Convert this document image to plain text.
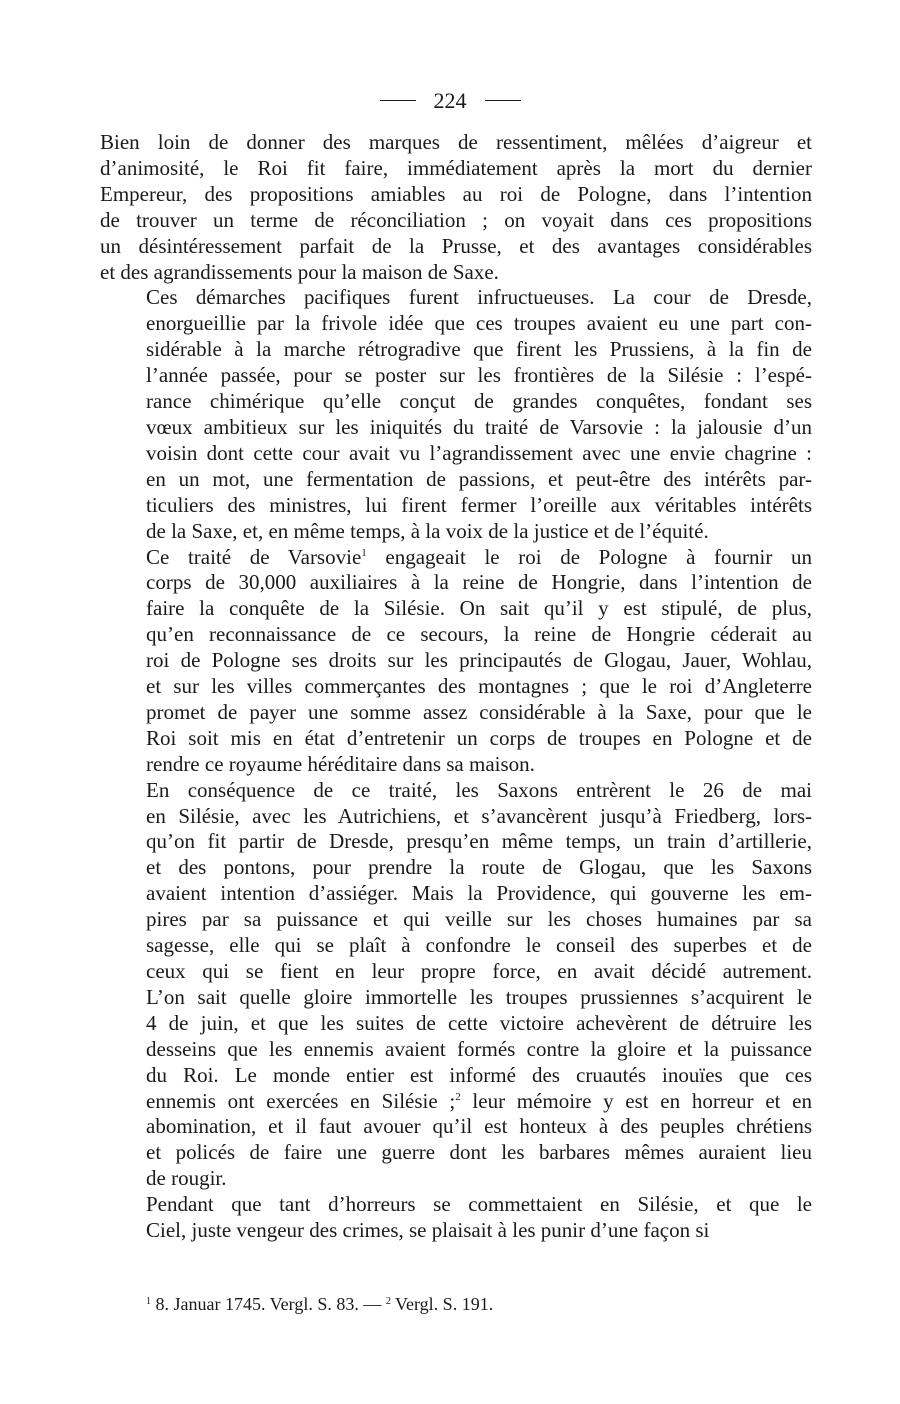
224

Bien loin de donner des marques de ressentiment, mêlées d’aigreur et
d’animosité, le Roi fit faire, immédiatement après la mort du dernier
Empereur, des propositions amiables au roi de Pologne, dans l’intention
de trouver un terme de réconciliation ; on voyait dans ces propositions
un désintéressement parfait de la Prusse, et des avantages considérables
et des agrandissements pour la maison de Saxe.

Ces démarches pacifiques furent infructueuses. La cour de Dresde,
enorgueillie par la frivole idée que ces troupes avaient eu une part con-
sidérable à la marche rétrogradive que firent les Prussiens, à la fin de
l’année passée, pour se poster sur les frontières de la Silésie : l’espé-
rance chimérique qu’elle conçut de grandes conquêtes, fondant ses
vœux ambitieux sur les iniquités du traité de Varsovie : la jalousie d’un
voisin dont cette cour avait vu l’agrandissement avec une envie chagrine :
en un mot, une fermentation de passions, et peut-être des intérêts par-
ticuliers des ministres, lui firent fermer l’oreille aux véritables intérêts
de la Saxe, et, en même temps, à la voix de la justice et de l’équité.

Ce traité de Varsovie$^1$ engageait le roi de Pologne à fournir un
corps de 30,000 auxiliaires à la reine de Hongrie, dans l’intention de
faire la conquête de la Silésie. On sait qu’il y est stipulé, de plus,
qu’en reconnaissance de ce secours, la reine de Hongrie céderait au
roi de Pologne ses droits sur les principautés de Glogau, Jauer, Wohlau,
et sur les villes commerçantes des montagnes ; que le roi d’Angleterre
promet de payer une somme assez considérable à la Saxe, pour que le
Roi soit mis en état d’entretenir un corps de troupes en Pologne et de
rendre ce royaume héréditaire dans sa maison.

En conséquence de ce traité, les Saxons entrèrent le 26 de mai
en Silésie, avec les Autrichiens, et s’avancèrent jusqu’à Friedberg, lors-
qu’on fit partir de Dresde, presqu’en même temps, un train d’artillerie,
et des pontons, pour prendre la route de Glogau, que les Saxons
avaient intention d’assiéger. Mais la Providence, qui gouverne les em-
pires par sa puissance et qui veille sur les choses humaines par sa
sagesse, elle qui se plaît à confondre le conseil des superbes et de
ceux qui se fient en leur propre force, en avait décidé autrement.
L’on sait quelle gloire immortelle les troupes prussiennes s’acquirent le
4 de juin, et que les suites de cette victoire achevèrent de détruire les
desseins que les ennemis avaient formés contre la gloire et la puissance
du Roi. Le monde entier est informé des cruautés inouïes que ces
ennemis ont exercées en Silésie ;$^2$ leur mémoire y est en horreur et en
abomination, et il faut avouer qu’il est honteux à des peuples chrétiens
et policés de faire une guerre dont les barbares mêmes auraient lieu
de rougir.

Pendant que tant d’horreurs se commettaient en Silésie, et que le
Ciel, juste vengeur des crimes, se plaisait à les punir d’une façon si

$^1$ 8. Januar 1745. Vergl. S. 83. — $^2$ Vergl. S. 191.
